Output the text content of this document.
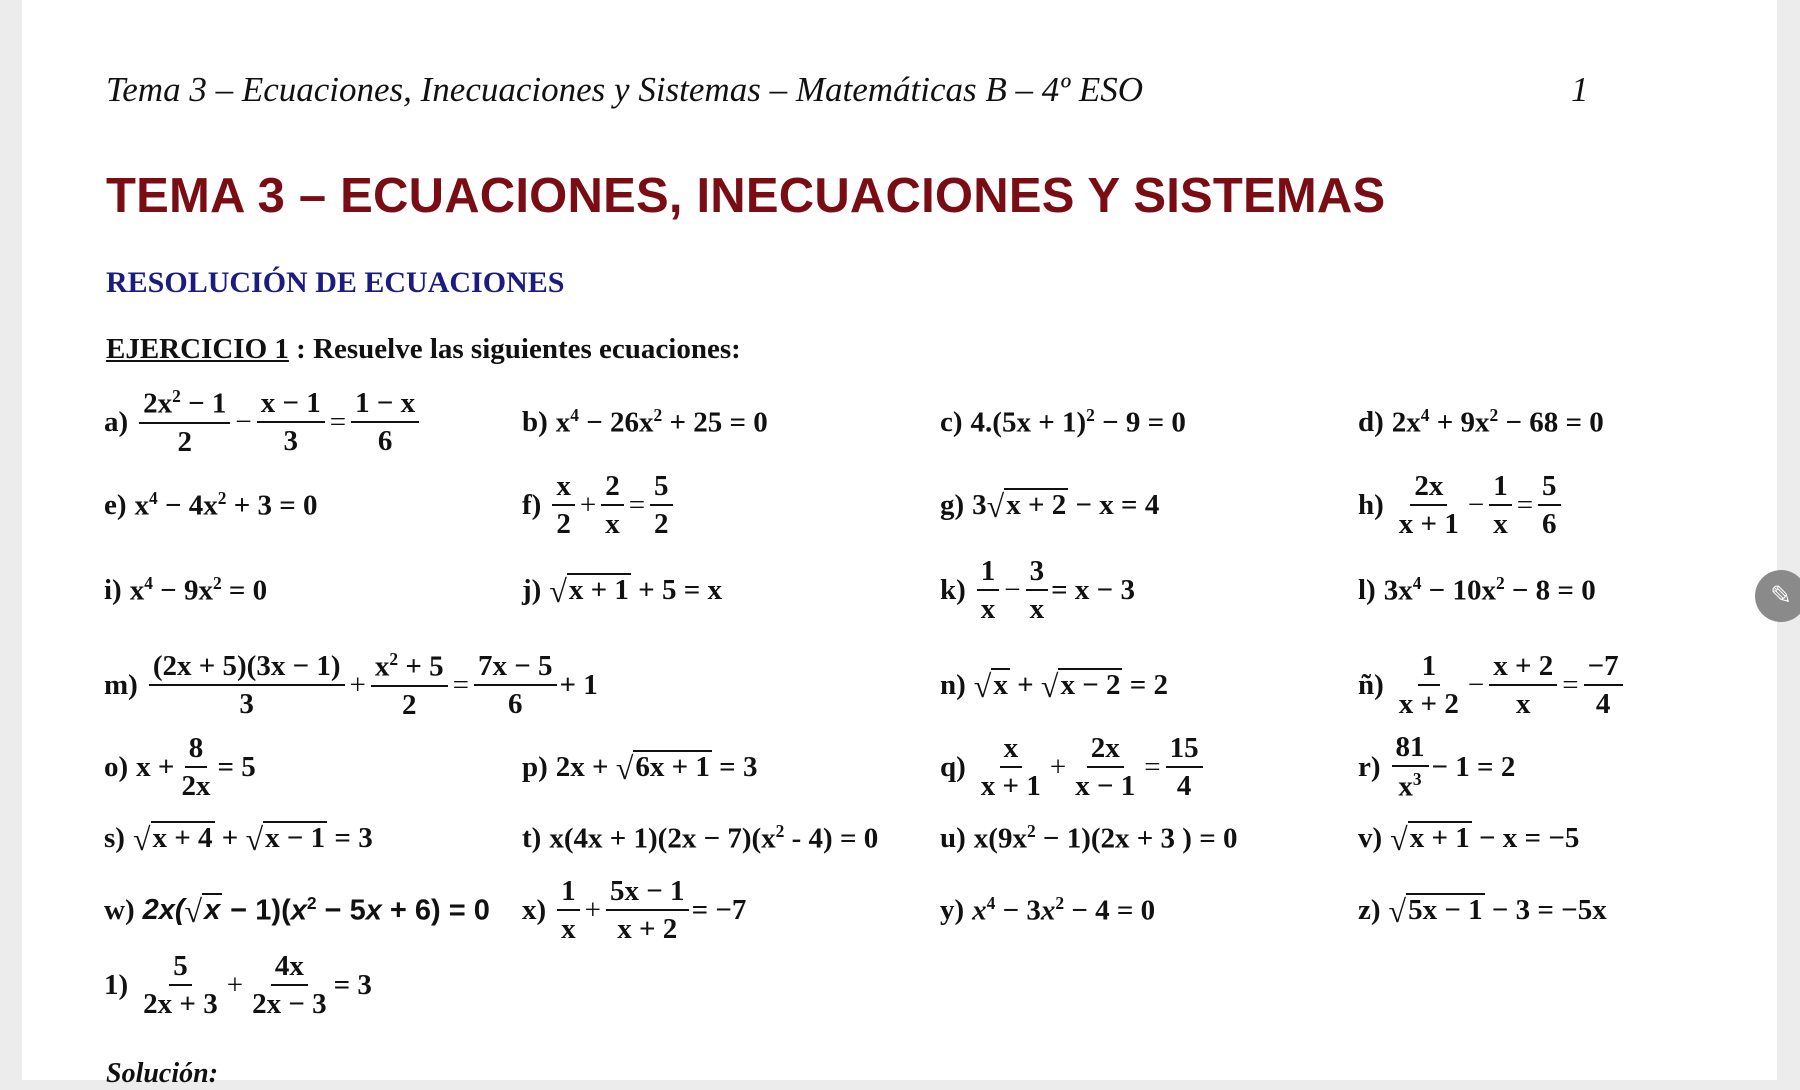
Tema 3 – Ecuaciones, Inecuaciones y Sistemas – Matemáticas B – 4º ESO	1
TEMA 3 – ECUACIONES, INECUACIONES Y SISTEMAS
RESOLUCIÓN DE ECUACIONES
EJERCICIO 1 : Resuelve las siguientes ecuaciones:
$a) \frac{2x^2 - 1}{2} - \frac{x - 1}{3} = \frac{1 - x}{6}$	b) $x^4 - 26x^2 + 25 = 0$	c) $4.(5x + 1)^2 - 9 = 0$	d) $2x^4 + 9x^2 - 68 = 0$
e) $x^4 - 4x^2 + 3 = 0$	$f) \frac{x}{2} + \frac{2}{x} = \frac{5}{2}$	g) 3 √ x + 2 − x = 4	$h) \frac{2x}{x + 1} - \frac{1}{x} = \frac{5}{6}$
i) $x^4 - 9x^2 = 0$	j) √ x + 1 + 5 = x	$k) \frac{1}{x} - \frac{3}{x} = x - 3$	l) $3x^4 - 10x^2 - 8 = 0$
$m) \frac{(2x + 5)(3x - 1)}{3} + \frac{x^2 + 5}{2} = \frac{7x - 5}{6} + 1$	n) √ x + √ x − 2 = 2	ñ) $\frac{1}{x + 2} - \frac{x + 2}{x} = \frac{-7}{4}$
o) $x + \frac{8}{2x} = 5$	p) 2x + √ 6x + 1 = 3	$q) \frac{x}{x + 1} + \frac{2x}{x - 1} = \frac{15}{4}$	$r) \frac{81}{x^3} - 1 = 2$
s) √ x + 4 + √ x − 1 = 3	t) $x(4x + 1)(2x - 7)(x^2 - 4) = 0$ u) $x(9x^2 - 1)(2x + 3$ ) = 0	v) √ x + 1 − x = −5
w) 2x( √ $x - 1)(x^2 - 5x + 6) = 0$ $x) \frac{1}{x} + \frac{5x - 1}{x + 2} = -7$	y) $x^4 - 3x^2 - 4 = 0$	z) √ 5x − 1 − 3 = −5x
$1) \frac{5}{2x + 3} + \frac{4x}{2x - 3} = 3$
Solución:
✎
